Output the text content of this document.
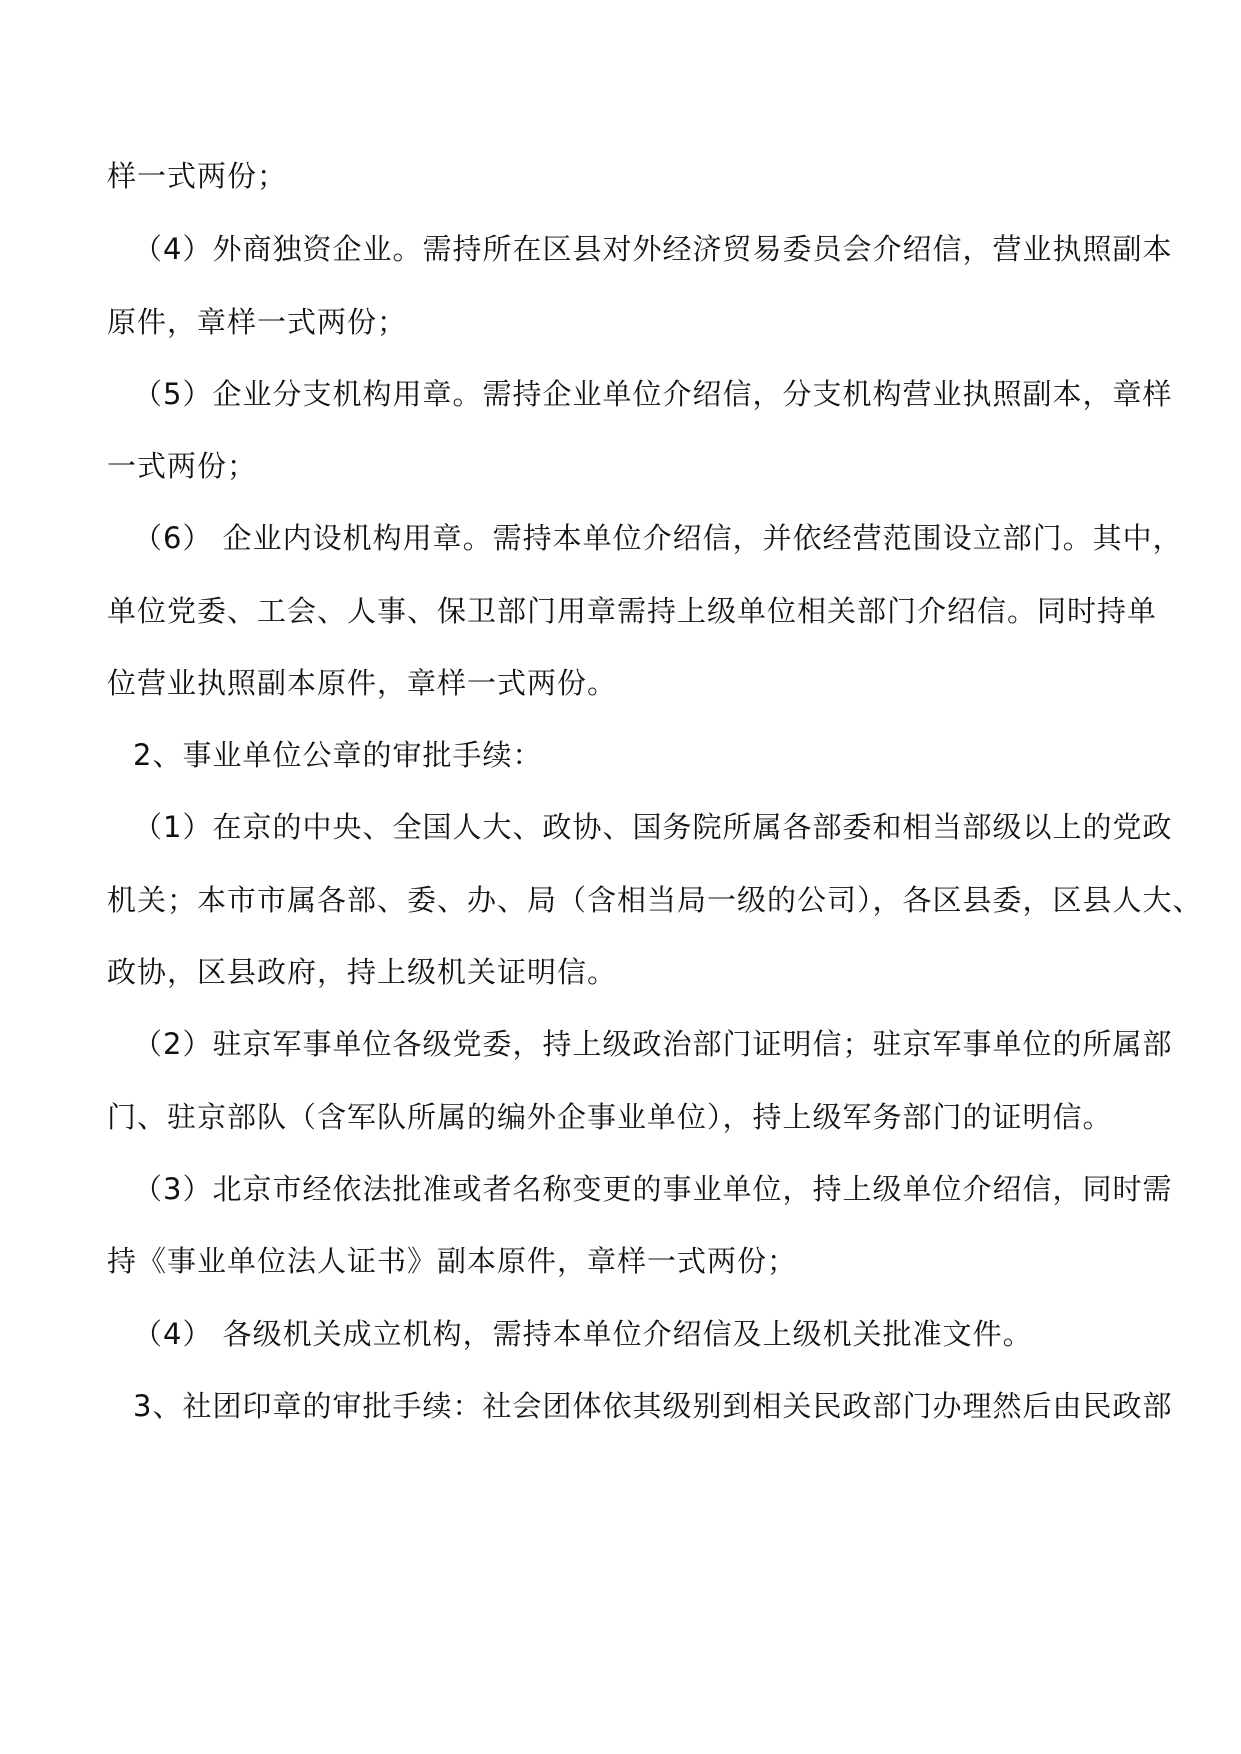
样一式两份；
（4）外商独资企业。需持所在区县对外经济贸易委员会介绍信，营业执照副本
原件，章样一式两份；
（5）企业分支机构用章。需持企业单位介绍信，分支机构营业执照副本，章样
一式两份；
（6） 企业内设机构用章。需持本单位介绍信，并依经营范围设立部门。其中，
单位党委、工会、人事、保卫部门用章需持上级单位相关部门介绍信。同时持单
位营业执照副本原件，章样一式两份。
2、事业单位公章的审批手续：
（1）在京的中央、全国人大、政协、国务院所属各部委和相当部级以上的党政
机关；本市市属各部、委、办、局（含相当局一级的公司），各区县委，区县人大、
政协，区县政府，持上级机关证明信。
（2）驻京军事单位各级党委，持上级政治部门证明信；驻京军事单位的所属部
门、驻京部队（含军队所属的编外企事业单位），持上级军务部门的证明信。
（3）北京市经依法批准或者名称变更的事业单位，持上级单位介绍信，同时需
持《事业单位法人证书》副本原件，章样一式两份；
（4） 各级机关成立机构，需持本单位介绍信及上级机关批准文件。
3、社团印章的审批手续：社会团体依其级别到相关民政部门办理然后由民政部
